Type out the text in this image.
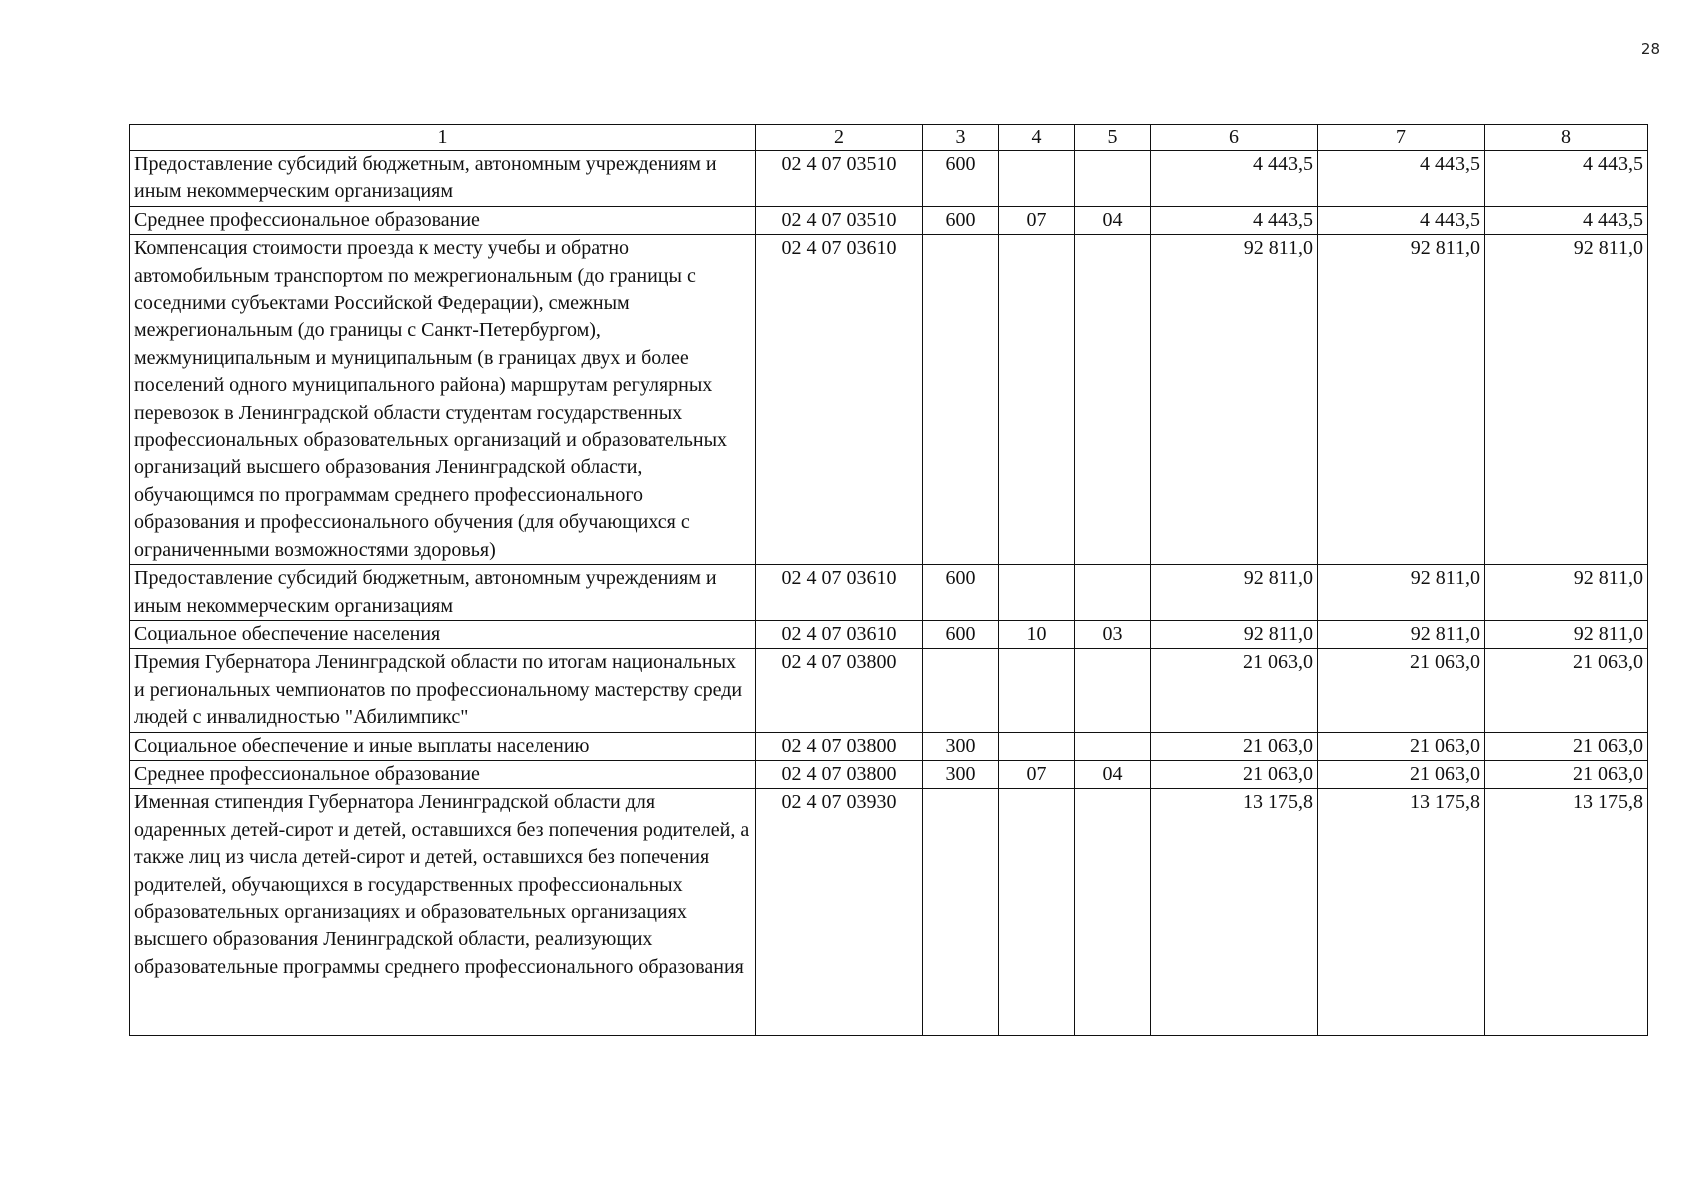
28
1	2	3	4	5	6	7	8
Предоставление субсидий бюджетным, автономным учреждениям и иным некоммерческим организациям	02 4 07 03510	600			4 443,5	4 443,5	4 443,5
Среднее профессиональное образование	02 4 07 03510	600	07	04	4 443,5	4 443,5	4 443,5
Компенсация стоимости проезда к месту учебы и обратно автомобильным транспортом по межрегиональным (до границы с соседними субъектами Российской Федерации), смежным межрегиональным (до границы с Санкт-Петербургом), межмуниципальным и муниципальным (в границах двух и более поселений одного муниципального района) маршрутам регулярных перевозок в Ленинградской области студентам государственных профессиональных образовательных организаций и образовательных организаций высшего образования Ленинградской области, обучающимся по программам среднего профессионального образования и профессионального обучения (для обучающихся с ограниченными возможностями здоровья)	02 4 07 03610				92 811,0	92 811,0	92 811,0
Предоставление субсидий бюджетным, автономным учреждениям и иным некоммерческим организациям	02 4 07 03610	600			92 811,0	92 811,0	92 811,0
Социальное обеспечение населения	02 4 07 03610	600	10	03	92 811,0	92 811,0	92 811,0
Премия Губернатора Ленинградской области по итогам национальных и региональных чемпионатов по профессиональному мастерству среди людей с инвалидностью "Абилимпикс"	02 4 07 03800				21 063,0	21 063,0	21 063,0
Социальное обеспечение и иные выплаты населению	02 4 07 03800	300			21 063,0	21 063,0	21 063,0
Среднее профессиональное образование	02 4 07 03800	300	07	04	21 063,0	21 063,0	21 063,0
Именная стипендия Губернатора Ленинградской области для одаренных детей-сирот и детей, оставшихся без попечения родителей, а также лиц из числа детей-сирот и детей, оставшихся без попечения родителей, обучающихся в государственных профессиональных образовательных организациях и образовательных организациях высшего образования Ленинградской области, реализующих образовательные программы среднего профессионального образования	02 4 07 03930				13 175,8	13 175,8	13 175,8
